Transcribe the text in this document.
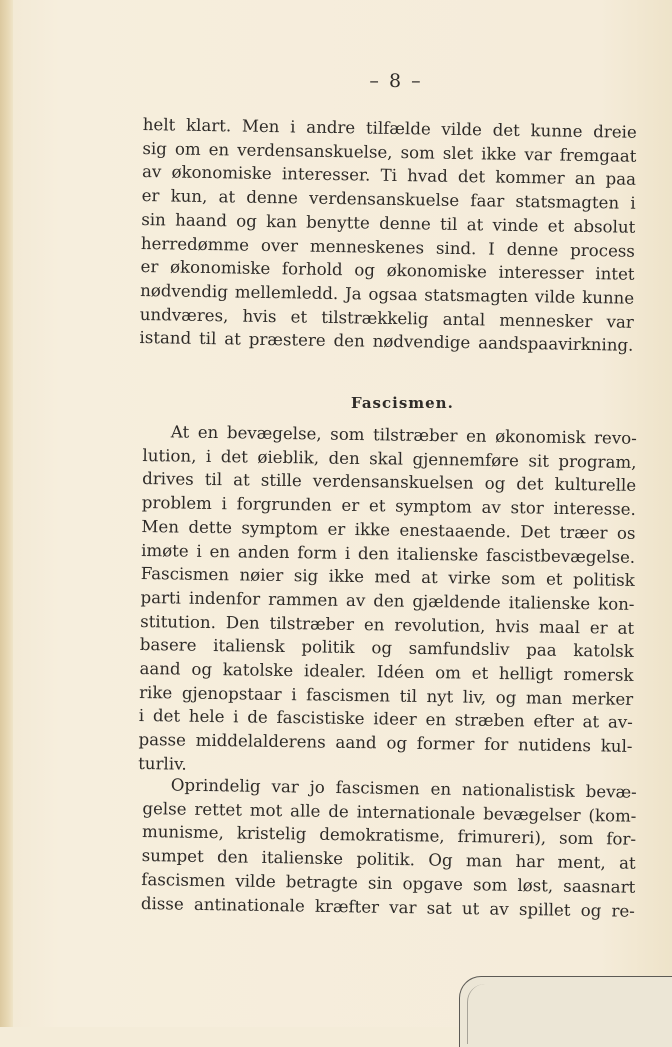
– 8 –
helt klart. Men i andre tilfælde vilde det kunne dreie
sig om en verdensanskuelse, som slet ikke var fremgaat
av økonomiske interesser. Ti hvad det kommer an paa
er kun, at denne verdensanskuelse faar statsmagten i
sin haand og kan benytte denne til at vinde et absolut
herredømme over menneskenes sind. I denne process
er økonomiske forhold og økonomiske interesser intet
nødvendig mellemledd. Ja ogsaa statsmagten vilde kunne
undværes, hvis et tilstrækkelig antal mennesker var
istand til at præstere den nødvendige aandspaavirkning.
Fascismen.
At en bevægelse, som tilstræber en økonomisk revo-
lution, i det øieblik, den skal gjennemføre sit program,
drives til at stille verdensanskuelsen og det kulturelle
problem i forgrunden er et symptom av stor interesse.
Men dette symptom er ikke enestaaende. Det træer os
imøte i en anden form i den italienske fascistbevægelse.
Fascismen nøier sig ikke med at virke som et politisk
parti indenfor rammen av den gjældende italienske kon-
stitution. Den tilstræber en revolution, hvis maal er at
basere italiensk politik og samfundsliv paa katolsk
aand og katolske idealer. Idéen om et helligt romersk
rike gjenopstaar i fascismen til nyt liv, og man merker
i det hele i de fascistiske ideer en stræben efter at av-
passe middelalderens aand og former for nutidens kul-
turliv.
Oprindelig var jo fascismen en nationalistisk bevæ-
gelse rettet mot alle de internationale bevægelser (kom-
munisme, kristelig demokratisme, frimureri), som for-
sumpet den italienske politik. Og man har ment, at
fascismen vilde betragte sin opgave som løst, saasnart
disse antinationale kræfter var sat ut av spillet og re-
